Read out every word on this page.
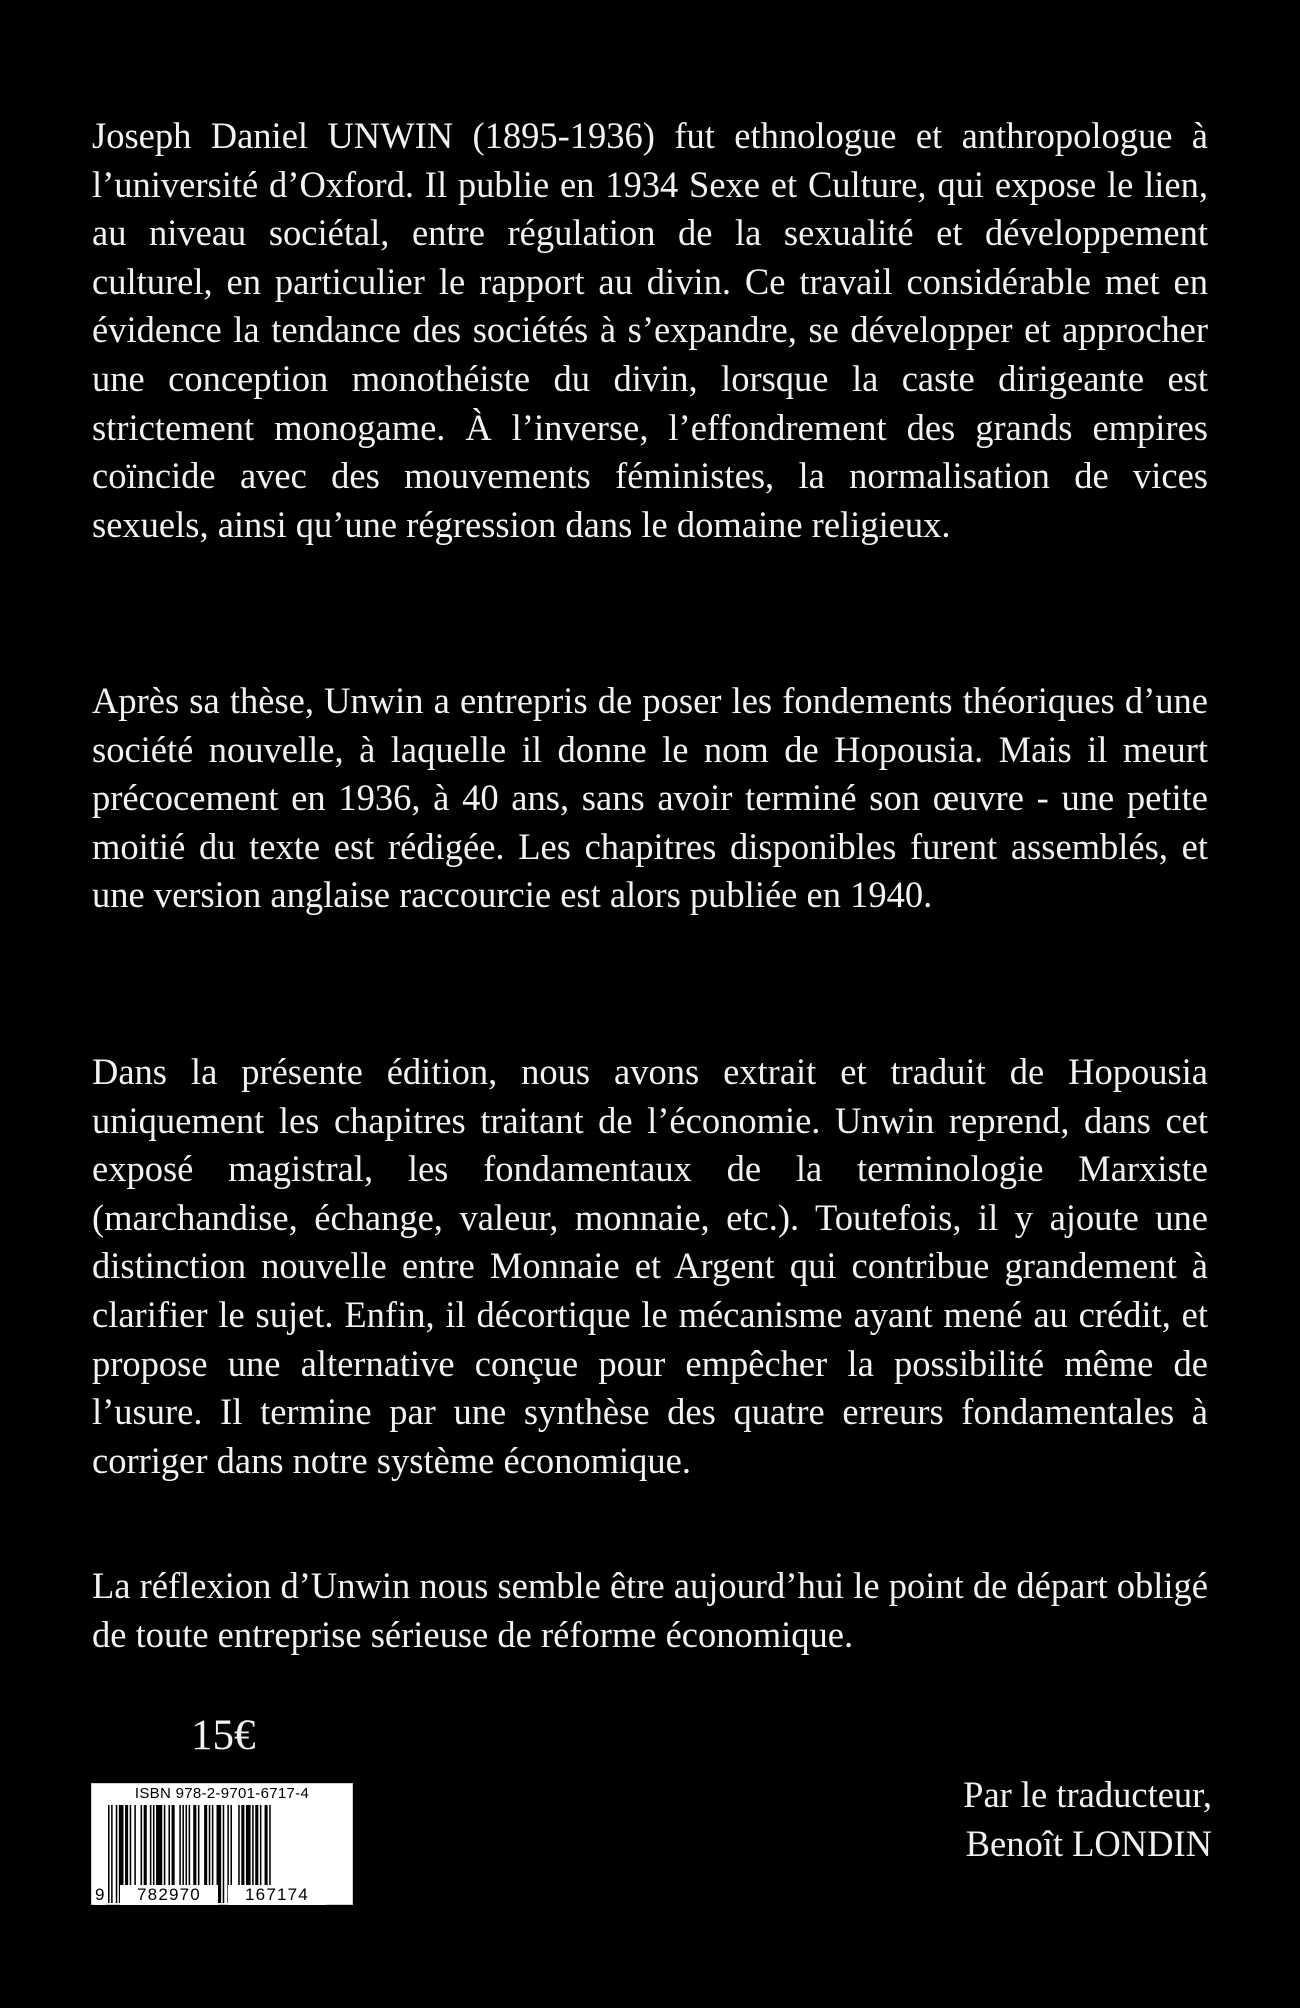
Joseph Daniel UNWIN (1895-1936) fut ethnologue et anthropologue à l’université d’Oxford. Il publie en 1934 Sexe et Culture, qui expose le lien, au niveau sociétal, entre régulation de la sexualité et développement culturel, en particulier le rapport au divin. Ce travail considérable met en évidence la tendance des sociétés à s’expandre, se développer et approcher une conception monothéiste du divin, lorsque la caste dirigeante est strictement monogame. À l’inverse, l’effondrement des grands empires coïncide avec des mouvements féministes, la normalisation de vices sexuels, ainsi qu’une régression dans le domaine religieux.

Après sa thèse, Unwin a entrepris de poser les fondements théoriques d’une société nouvelle, à laquelle il donne le nom de Hopousia. Mais il meurt précocement en 1936, à 40 ans, sans avoir terminé son œuvre - une petite moitié du texte est rédigée. Les chapitres disponibles furent assemblés, et une version anglaise raccourcie est alors publiée en 1940.

Dans la présente édition, nous avons extrait et traduit de Hopousia uniquement les chapitres traitant de l’économie. Unwin reprend, dans cet exposé magistral, les fondamentaux de la terminologie Marxiste (marchandise, échange, valeur, monnaie, etc.). Toutefois, il y ajoute une distinction nouvelle entre Monnaie et Argent qui contribue grandement à clarifier le sujet. Enfin, il décortique le mécanisme ayant mené au crédit, et propose une alternative conçue pour empêcher la possibilité même de l’usure. Il termine par une synthèse des quatre erreurs fondamentales à corriger dans notre système économique.

La réflexion d’Unwin nous semble être aujourd’hui le point de départ obligé de toute entreprise sérieuse de réforme économique.

15€
ISBN 978-2-9701-6717-4
9	782970	167174
Par le traducteur,
Benoît LONDIN
